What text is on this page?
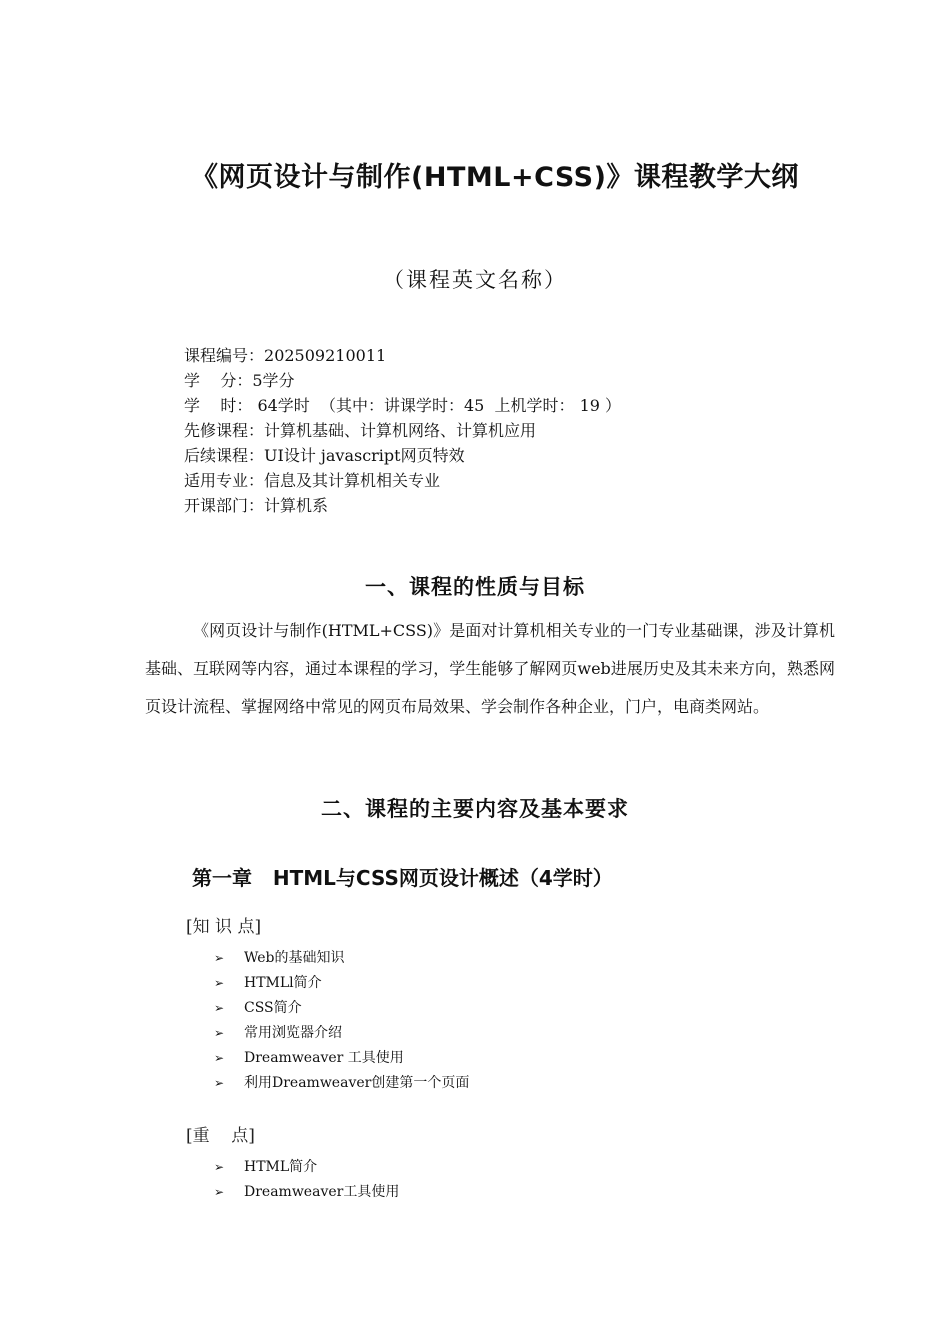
《网页设计与制作(HTML+CSS)》课程教学大纲
（课程英文名称）
课程编号：202509210011
学    分：5学分
学    时： 64学时  （其中：讲课学时：45  上机学时： 19 ）
先修课程：计算机基础、计算机网络、计算机应用
后续课程：UI设计 javascript网页特效
适用专业：信息及其计算机相关专业
开课部门：计算机系
一、课程的性质与目标
《网页设计与制作(HTML+CSS)》是面对计算机相关专业的一门专业基础课，涉及计算机基础、互联网等内容，通过本课程的学习，学生能够了解网页web进展历史及其未来方向，熟悉网页设计流程、掌握网络中常见的网页布局效果、学会制作各种企业，门户，电商类网站。
二、课程的主要内容及基本要求
第一章   HTML与CSS网页设计概述（4学时）
[知 识 点]
➢	Web的基础知识
➢	HTMLl简介
➢	CSS简介
➢	常用浏览器介绍
➢	Dreamweaver 工具使用
➢	利用Dreamweaver创建第一个页面
[重    点]
➢	HTML简介
➢	Dreamweaver工具使用
